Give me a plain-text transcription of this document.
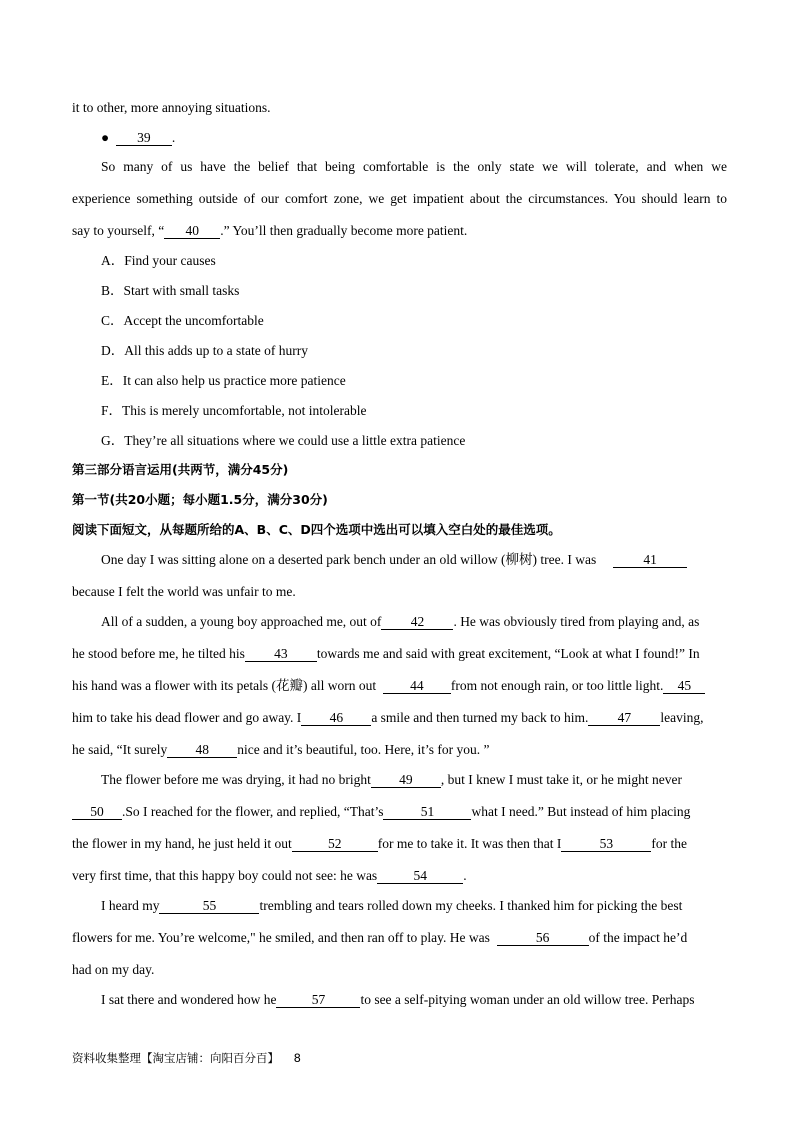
it to other, more annoying situations.
● 39 .
So many of us have the belief that being comfortable is the only state we will tolerate, and when we
experience something outside of our comfort zone, we get impatient about the circumstances. You should learn to
say to yourself, “ 40 .” You’ll then gradually become more patient.
A．Find your causes
B．Start with small tasks
C．Accept the uncomfortable
D．All this adds up to a state of hurry
E．It can also help us practice more patience
F．This is merely uncomfortable, not intolerable
G．They’re all situations where we could use a little extra patience
第三部分语言运用(共两节，满分45分)
第一节(共20小题；每小题1.5分，满分30分)
阅读下面短文，从每题所给的A、B、C、D四个选项中选出可以填入空白处的最佳选项。
One day I was sitting alone on a deserted park bench under an old willow (柳树) tree. I was	41
because I felt the world was unfair to me.
All of a sudden, a young boy approached me, out of 42 . He was obviously tired from playing and, as
he stood before me, he tilted his 43 towards me and said with great excitement, “Look at what I found!” In
his hand was a flower with its petals (花瓣) all worn out	44 from not enough rain, or too little light. 45
him to take his dead flower and go away. I 46 a smile and then turned my back to him. 47 leaving,
he said, “It surely 48 nice and it’s beautiful, too. Here, it’s for you. ”
The flower before me was drying, it had no bright 49 , but I knew I must take it, or he might never
50 .So I reached for the flower, and replied, “That’s	51	what I need.” But instead of him placing
the flower in my hand, he just held it out	52	for me to take it. It was then that I	53	for the
very first time, that this happy boy could not see: he was	54	.
I heard my	55	trembling and tears rolled down my cheeks. I thanked him for picking the best
flowers for me. You’re welcome," he smiled, and then ran off to play. He was	56	of the impact he’d
had on my day.
I sat there and wondered how he	57	to see a self-pitying woman under an old willow tree. Perhaps
资料收集整理【淘宝店铺：向阳百分百】 8
